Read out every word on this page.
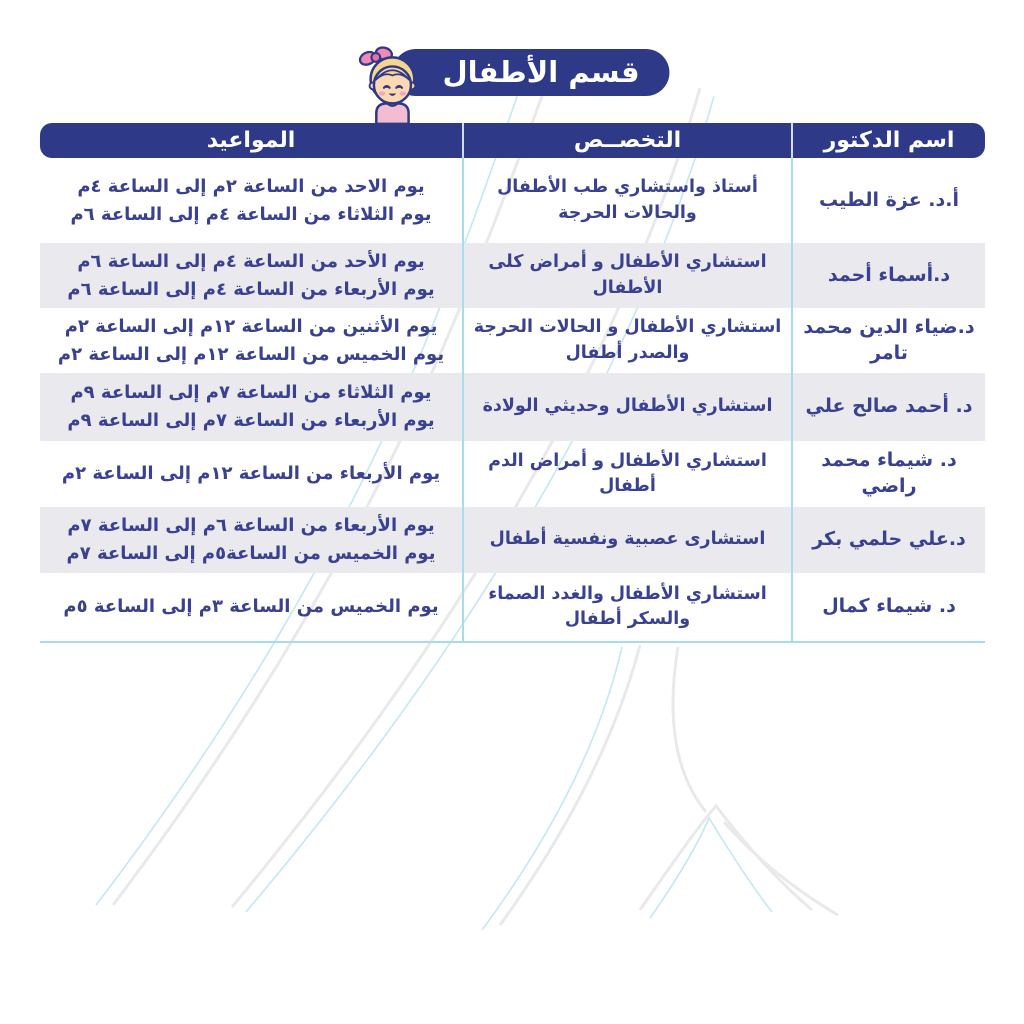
قسم الأطفال
اسم الدكتور
التخصــص
المواعيد
أ.د. عزة الطيب
أستاذ واستشاري طب الأطفال والحالات الحرجة
يوم الاحد من الساعة ٢م إلى الساعة ٤م
يوم الثلاثاء من الساعة ٤م إلى الساعة ٦م
د.أسماء أحمد
استشاري الأطفال و أمراض كلى الأطفال
يوم الأحد من الساعة ٤م إلى الساعة ٦م
يوم الأربعاء من الساعة ٤م إلى الساعة ٦م
د.ضياء الدين محمد تامر
استشاري الأطفال و الحالات الحرجة والصدر أطفال
يوم الأثنين من الساعة ١٢م إلى الساعة ٢م
يوم الخميس من الساعة ١٢م إلى الساعة ٢م
د. أحمد صالح علي
استشاري الأطفال وحديثي الولادة
يوم الثلاثاء من الساعة ٧م إلى الساعة ٩م
يوم الأربعاء من الساعة ٧م إلى الساعة ٩م
د. شيماء محمد راضي
استشاري الأطفال و أمراض الدم أطفال
يوم الأربعاء من الساعة ١٢م إلى الساعة ٢م
د.علي حلمي بكر
استشارى عصبية ونفسية أطفال
يوم الأربعاء من الساعة ٦م إلى الساعة ٧م
يوم الخميس من الساعة٥م إلى الساعة ٧م
د. شيماء كمال
استشاري الأطفال والغدد الصماء والسكر أطفال
يوم الخميس من الساعة ٣م إلى الساعة ٥م
